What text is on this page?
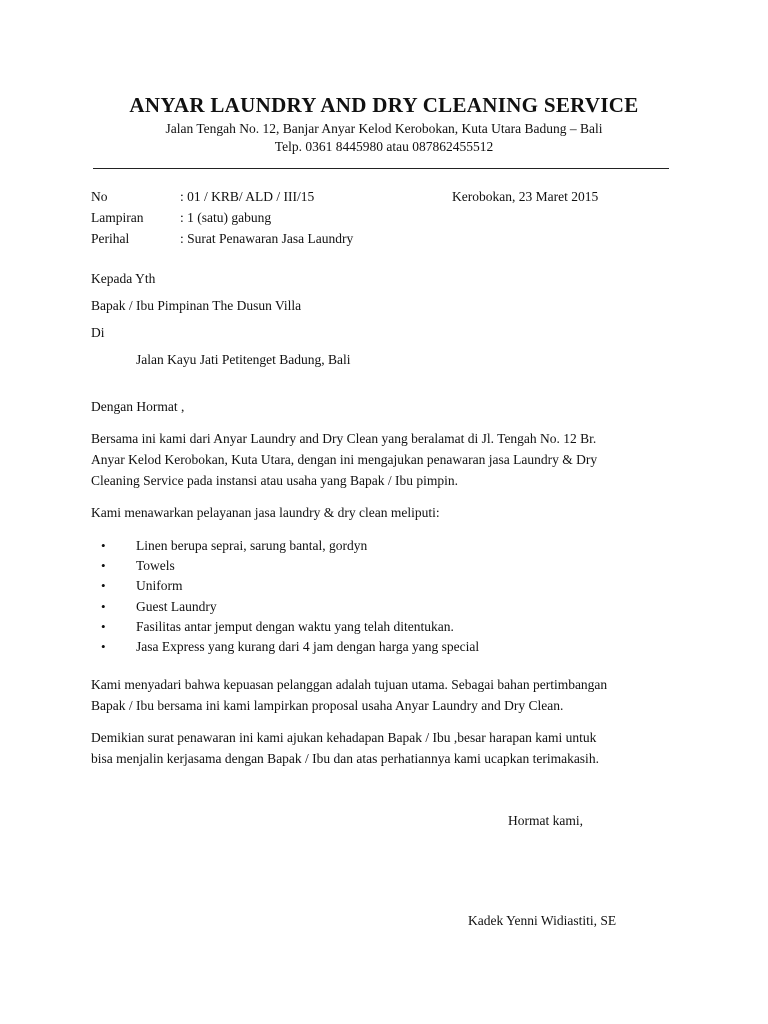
ANYAR LAUNDRY AND DRY CLEANING SERVICE
Jalan Tengah No. 12, Banjar Anyar Kelod Kerobokan, Kuta Utara Badung – Bali
Telp. 0361 8445980 atau 087862455512
No	: 01 / KRB/ ALD / III/15	Kerobokan, 23 Maret 2015
Lampiran	: 1 (satu) gabung
Perihal	: Surat Penawaran Jasa Laundry
Kepada Yth
Bapak / Ibu Pimpinan The Dusun Villa
Di
Jalan Kayu Jati Petitenget Badung, Bali
Dengan Hormat ,
Bersama ini kami dari Anyar Laundry and Dry Clean yang beralamat di Jl. Tengah No. 12 Br.
Anyar Kelod Kerobokan, Kuta Utara, dengan ini mengajukan penawaran jasa Laundry & Dry
Cleaning Service pada instansi atau usaha yang Bapak / Ibu pimpin.
Kami menawarkan pelayanan jasa laundry & dry clean meliputi:
• Linen berupa seprai, sarung bantal, gordyn
• Towels
• Uniform
• Guest Laundry
• Fasilitas antar jemput dengan waktu yang telah ditentukan.
• Jasa Express yang kurang dari 4 jam dengan harga yang special
Kami menyadari bahwa kepuasan pelanggan adalah tujuan utama. Sebagai bahan pertimbangan
Bapak / Ibu bersama ini kami lampirkan proposal usaha Anyar Laundry and Dry Clean.
Demikian surat penawaran ini kami ajukan kehadapan Bapak / Ibu ,besar harapan kami untuk
bisa menjalin kerjasama dengan Bapak / Ibu dan atas perhatiannya kami ucapkan terimakasih.
Hormat kami,
Kadek Yenni Widiastiti, SE
